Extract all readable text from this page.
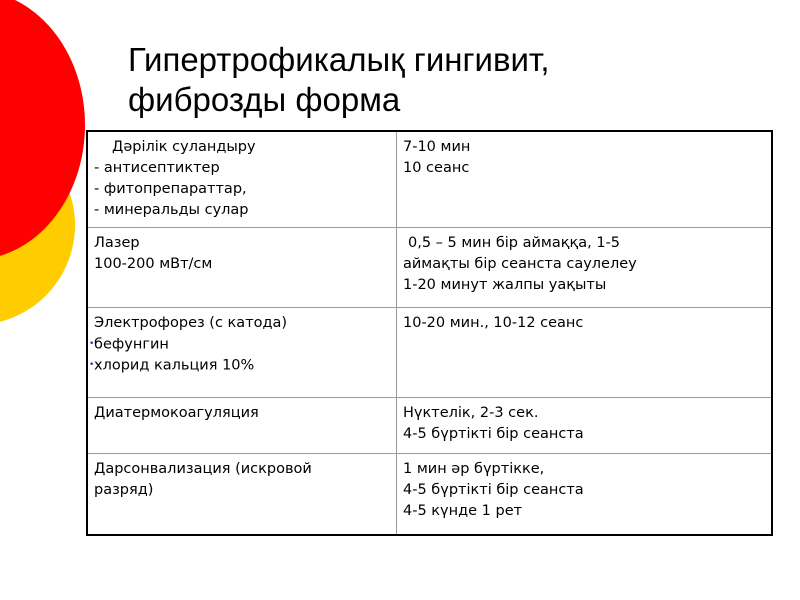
Гипертрофикалық гингивит,
фиброзды форма
Дәрілік суландыру
- антисептиктер
- фитопрепараттар,
- минеральды сулар	7-10 мин
10 сеанс

Лазер
100-200 мВт/см	0,5 – 5 мин бір аймаққа, 1-5
аймақты бір сеанста саулелеу
1-20 минут жалпы уақыты

Электрофорез (с катода)
•бефунгин
•хлорид кальция 10%	10-20 мин., 10-12 сеанс

Диатермокоагуляция	Нүктелік, 2-3 сек.
4-5 бүртікті бір сеанста

Дарсонвализация (искровой
разряд)	1 мин әр бүртікке,
4-5 бүртікті бір сеанста
4-5 күнде 1 рет
